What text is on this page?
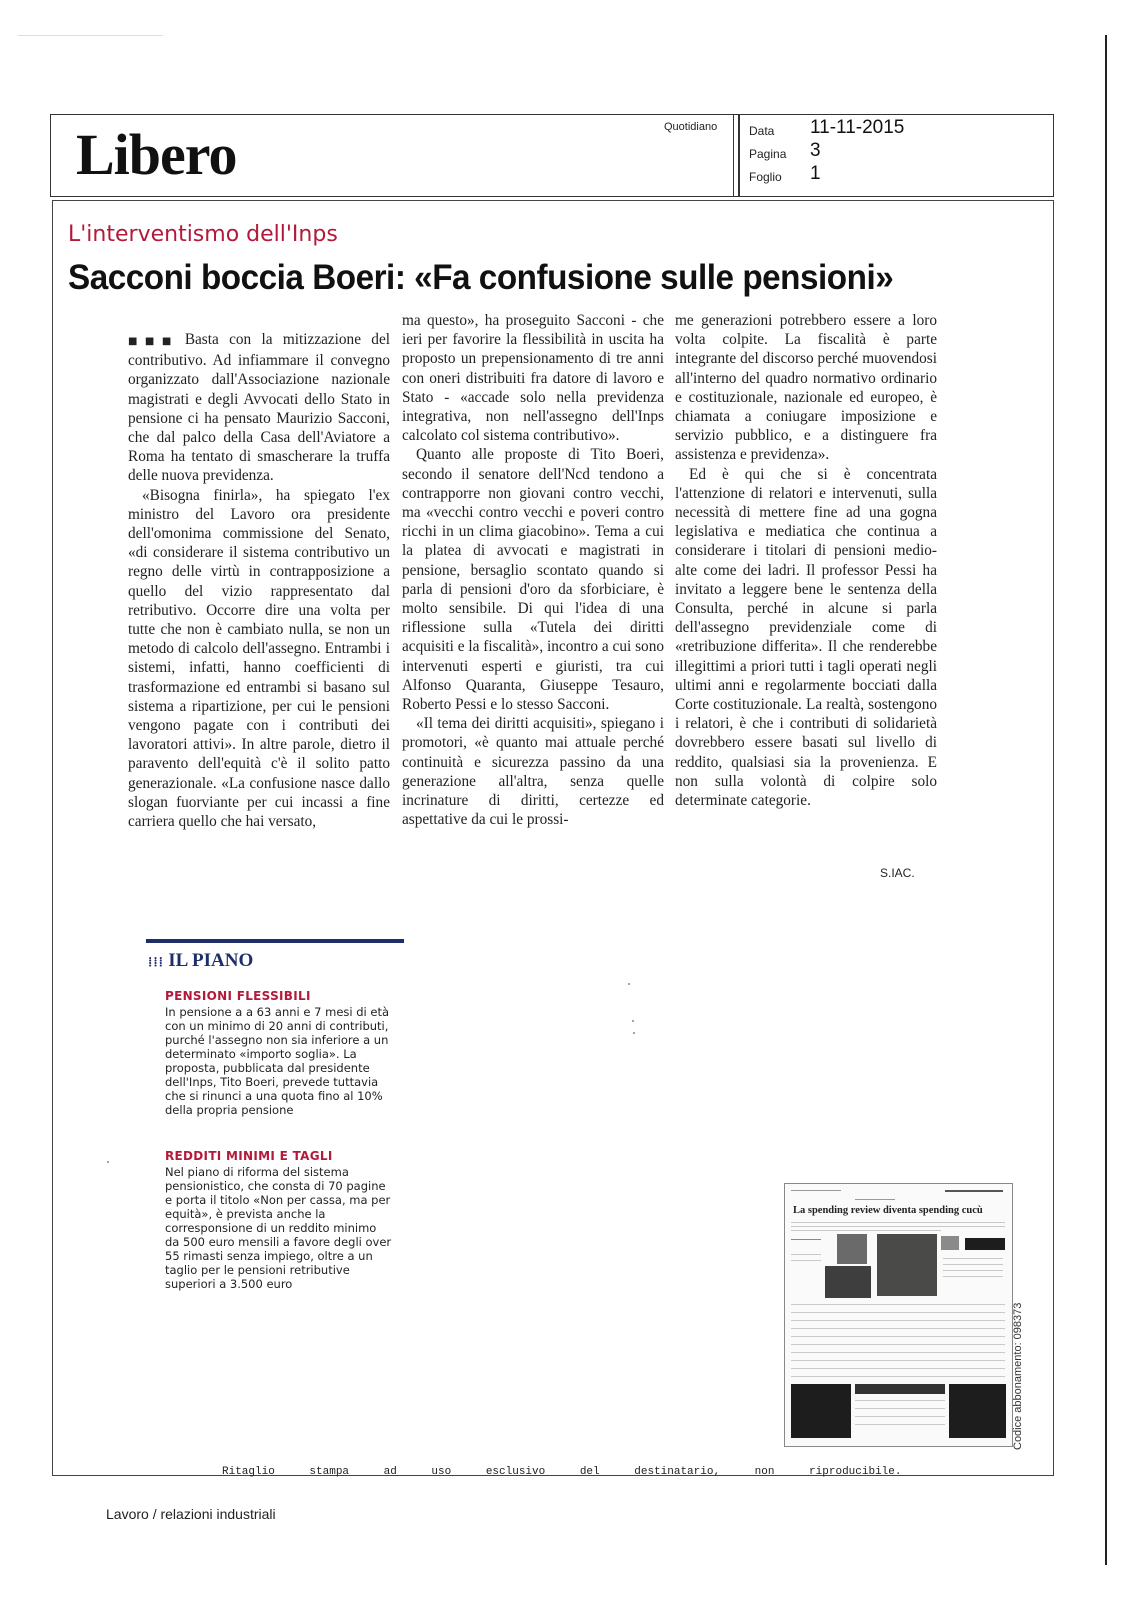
Libero	Quotidiano	Data 11-11-2015
Pagina 3
Foglio 1
L'interventismo dell'Inps
Sacconi boccia Boeri: «Fa confusione sulle pensioni»

■■■ Basta con la mitizzazione del contributivo. Ad infiammare il convegno organizzato dall'Associazione nazionale magistrati e degli Avvocati dello Stato in pensione ci ha pensato Maurizio Sacconi, che dal palco della Casa dell'Aviatore a Roma ha tentato di smascherare la truffa delle nuova previdenza.

«Bisogna finirla», ha spiegato l'ex ministro del Lavoro ora presidente dell'omonima commissione del Senato, «di considerare il sistema contributivo un regno delle virtù in contrapposizione a quello del vizio rappresentato dal retributivo. Occorre dire una volta per tutte che non è cambiato nulla, se non un metodo di calcolo dell'assegno. Entrambi i sistemi, infatti, hanno coefficienti di trasformazione ed entrambi si basano sul sistema a ripartizione, per cui le pensioni vengono pagate con i contributi dei lavoratori attivi». In altre parole, dietro il paravento dell'equità c'è il solito patto generazionale. «La confusione nasce dallo slogan fuorviante per cui incassi a fine carriera quello che hai versato,

ma questo», ha proseguito Sacconi - che ieri per favorire la flessibilità in uscita ha proposto un prepensionamento di tre anni con oneri distribuiti fra datore di lavoro e Stato - «accade solo nella previdenza integrativa, non nell'assegno dell'Inps calcolato col sistema contributivo».

Quanto alle proposte di Tito Boeri, secondo il senatore dell'Ncd tendono a contrapporre non giovani contro vecchi, ma «vecchi contro vecchi e poveri contro ricchi in un clima giacobino». Tema a cui la platea di avvocati e magistrati in pensione, bersaglio scontato quando si parla di pensioni d'oro da sforbiciare, è molto sensibile. Di qui l'idea di una riflessione sulla «Tutela dei diritti acquisiti e la fiscalità», incontro a cui sono intervenuti esperti e giuristi, tra cui Alfonso Quaranta, Giuseppe Tesauro, Roberto Pessi e lo stesso Sacconi.

«Il tema dei diritti acquisiti», spiegano i promotori, «è quanto mai attuale perché continuità e sicurezza passino da una generazione all'altra, senza quelle incrinature di diritti, certezze ed aspettative da cui le prossi-

me generazioni potrebbero essere a loro volta colpite. La fiscalità è parte integrante del discorso perché muovendosi all'interno del quadro normativo ordinario e costituzionale, nazionale ed europeo, è chiamata a coniugare imposizione e servizio pubblico, e a distinguere fra assistenza e previdenza».

Ed è qui che si è concentrata l'attenzione di relatori e intervenuti, sulla necessità di mettere fine ad una gogna legislativa e mediatica che continua a considerare i titolari di pensioni medio-alte come dei ladri. Il professor Pessi ha invitato a leggere bene le sentenza della Consulta, perché in alcune si parla dell'assegno previdenziale come di «retribuzione differita». Il che renderebbe illegittimi a priori tutti i tagli operati negli ultimi anni e regolarmente bocciati dalla Corte costituzionale. La realtà, sostengono i relatori, è che i contributi di solidarietà dovrebbero essere basati sul livello di reddito, qualsiasi sia la provenienza. E non sulla volontà di colpire solo determinate categorie.

S.IAC.
⁞⁞⁞ IL PIANO
PENSIONI FLESSIBILI
In pensione a a 63 anni e 7 mesi di età con un minimo di 20 anni di contributi, purché l'assegno non sia inferiore a un determinato «importo soglia». La proposta, pubblicata dal presidente dell'Inps, Tito Boeri, prevede tuttavia che si rinunci a una quota fino al 10% della propria pensione
REDDITI MINIMI E TAGLI
Nel piano di riforma del sistema pensionistico, che consta di 70 pagine e porta il titolo «Non per cassa, ma per equità», è prevista anche la corresponsione di un reddito minimo da 500 euro mensili a favore degli over 55 rimasti senza impiego, oltre a un taglio per le pensioni retributive superiori a 3.500 euro
La spending review diventa spending cucù
Codice abbonamento: 098373
Ritaglio stampa ad uso esclusivo del destinatario, non riproducibile.
Lavoro / relazioni industriali
